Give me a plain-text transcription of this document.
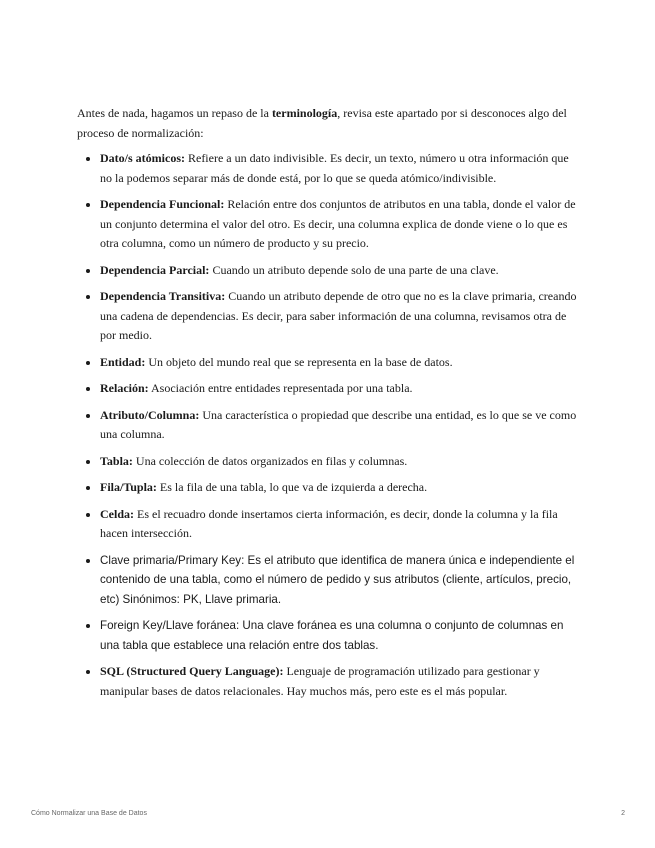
Antes de nada, hagamos un repaso de la terminología, revisa este apartado por si desconoces algo del proceso de normalización:

Dato/s atómicos: Refiere a un dato indivisible. Es decir, un texto, número u otra información que no la podemos separar más de donde está, por lo que se queda atómico/indivisible.
Dependencia Funcional: Relación entre dos conjuntos de atributos en una tabla, donde el valor de un conjunto determina el valor del otro. Es decir, una columna explica de donde viene o lo que es otra columna, como un número de producto y su precio.
Dependencia Parcial: Cuando un atributo depende solo de una parte de una clave.
Dependencia Transitiva: Cuando un atributo depende de otro que no es la clave primaria, creando una cadena de dependencias. Es decir, para saber información de una columna, revisamos otra de por medio.
Entidad: Un objeto del mundo real que se representa en la base de datos.
Relación: Asociación entre entidades representada por una tabla.
Atributo/Columna: Una característica o propiedad que describe una entidad, es lo que se ve como una columna.
Tabla: Una colección de datos organizados en filas y columnas.
Fila/Tupla: Es la fila de una tabla, lo que va de izquierda a derecha.
Celda: Es el recuadro donde insertamos cierta información, es decir, donde la columna y la fila hacen intersección.
Clave primaria/Primary Key: Es el atributo que identifica de manera única e independiente el contenido de una tabla, como el número de pedido y sus atributos (cliente, artículos, precio, etc) Sinónimos: PK, Llave primaria.
Foreign Key/Llave foránea: Una clave foránea es una columna o conjunto de columnas en una tabla que establece una relación entre dos tablas.
SQL (Structured Query Language): Lenguaje de programación utilizado para gestionar y manipular bases de datos relacionales. Hay muchos más, pero este es el más popular.
Cómo Normalizar una Base de Datos	2
